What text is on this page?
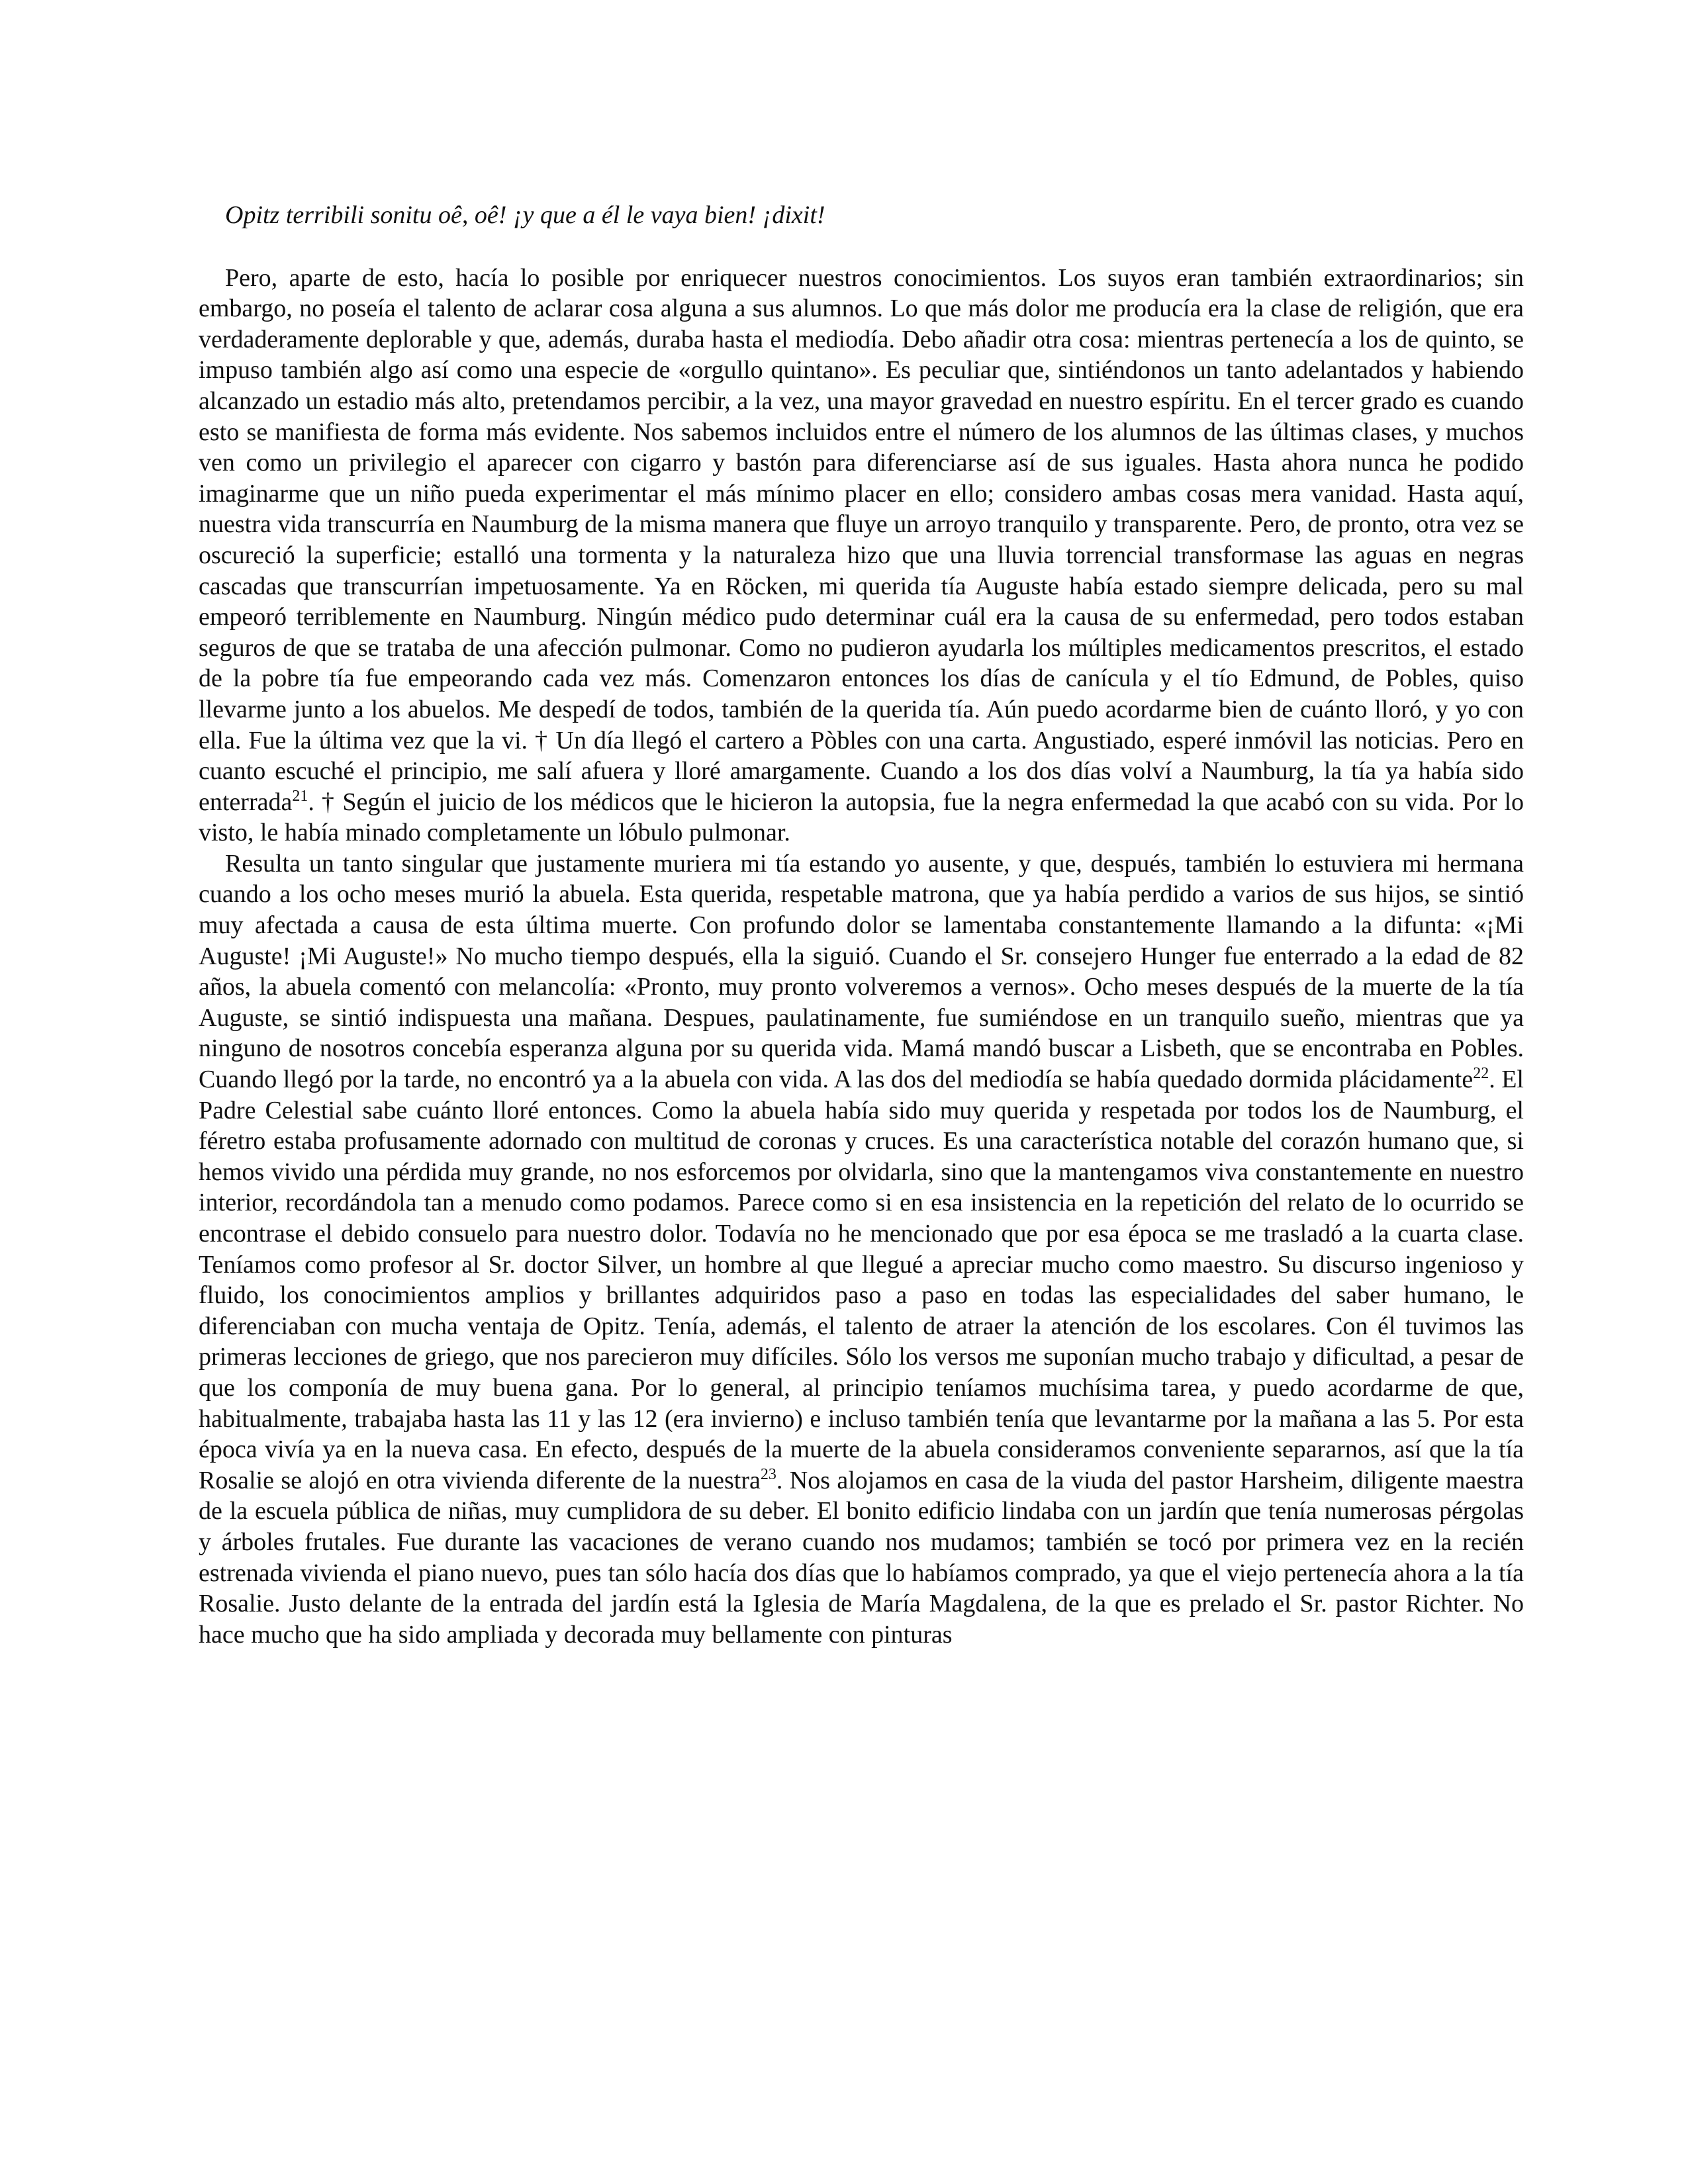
Opitz terribili sonitu oê, oê! ¡y que a él le vaya bien! ¡dixit!

Pero, aparte de esto, hacía lo posible por enriquecer nuestros conocimientos. Los suyos eran también extraordinarios; sin embargo, no poseía el talento de aclarar cosa alguna a sus alumnos. Lo que más dolor me producía era la clase de religión, que era verdaderamente deplorable y que, además, duraba hasta el mediodía. Debo añadir otra cosa: mientras pertenecía a los de quinto, se impuso también algo así como una especie de «orgullo quintano». Es peculiar que, sintiéndonos un tanto adelantados y habiendo alcanzado un estadio más alto, pretendamos percibir, a la vez, una mayor gravedad en nuestro espíritu. En el tercer grado es cuando esto se manifiesta de forma más evidente. Nos sabemos incluidos entre el número de los alumnos de las últimas clases, y muchos ven como un privilegio el aparecer con cigarro y bastón para diferenciarse así de sus iguales. Hasta ahora nunca he podido imaginarme que un niño pueda experimentar el más mínimo placer en ello; considero ambas cosas mera vanidad. Hasta aquí, nuestra vida transcurría en Naumburg de la misma manera que fluye un arroyo tranquilo y transparente. Pero, de pronto, otra vez se oscureció la superficie; estalló una tormenta y la naturaleza hizo que una lluvia torrencial transformase las aguas en negras cascadas que transcurrían impetuosamente. Ya en Röcken, mi querida tía Auguste había estado siempre delicada, pero su mal empeoró terriblemente en Naumburg. Ningún médico pudo determinar cuál era la causa de su enfermedad, pero todos estaban seguros de que se trataba de una afección pulmonar. Como no pudieron ayudarla los múltiples medicamentos prescritos, el estado de la pobre tía fue empeorando cada vez más. Comenzaron entonces los días de canícula y el tío Edmund, de Pobles, quiso llevarme junto a los abuelos. Me despedí de todos, también de la querida tía. Aún puedo acordarme bien de cuánto lloró, y yo con ella. Fue la última vez que la vi. † Un día llegó el cartero a Pòbles con una carta. Angustiado, esperé inmóvil las noticias. Pero en cuanto escuché el principio, me salí afuera y lloré amargamente. Cuando a los dos días volví a Naumburg, la tía ya había sido enterrada$^{21}$. † Según el juicio de los médicos que le hicieron la autopsia, fue la negra enfermedad la que acabó con su vida. Por lo visto, le había minado completamente un lóbulo pulmonar.

Resulta un tanto singular que justamente muriera mi tía estando yo ausente, y que, después, también lo estuviera mi hermana cuando a los ocho meses murió la abuela. Esta querida, respetable matrona, que ya había perdido a varios de sus hijos, se sintió muy afectada a causa de esta última muerte. Con profundo dolor se lamentaba constantemente llamando a la difunta: «¡Mi Auguste! ¡Mi Auguste!» No mucho tiempo después, ella la siguió. Cuando el Sr. consejero Hunger fue enterrado a la edad de 82 años, la abuela comentó con melancolía: «Pronto, muy pronto volveremos a vernos». Ocho meses después de la muerte de la tía Auguste, se sintió indispuesta una mañana. Despues, paulatinamente, fue sumiéndose en un tranquilo sueño, mientras que ya ninguno de nosotros concebía esperanza alguna por su querida vida. Mamá mandó buscar a Lisbeth, que se encontraba en Pobles. Cuando llegó por la tarde, no encontró ya a la abuela con vida. A las dos del mediodía se había quedado dormida plácidamente$^{22}$. El Padre Celestial sabe cuánto lloré entonces. Como la abuela había sido muy querida y respetada por todos los de Naumburg, el féretro estaba profusamente adornado con multitud de coronas y cruces. Es una característica notable del corazón humano que, si hemos vivido una pérdida muy grande, no nos esforcemos por olvidarla, sino que la mantengamos viva constantemente en nuestro interior, recordándola tan a menudo como podamos. Parece como si en esa insistencia en la repetición del relato de lo ocurrido se encontrase el debido consuelo para nuestro dolor. Todavía no he mencionado que por esa época se me trasladó a la cuarta clase. Teníamos como profesor al Sr. doctor Silver, un hombre al que llegué a apreciar mucho como maestro. Su discurso ingenioso y fluido, los conocimientos amplios y brillantes adquiridos paso a paso en todas las especialidades del saber humano, le diferenciaban con mucha ventaja de Opitz. Tenía, además, el talento de atraer la atención de los escolares. Con él tuvimos las primeras lecciones de griego, que nos parecieron muy difíciles. Sólo los versos me suponían mucho trabajo y dificultad, a pesar de que los componía de muy buena gana. Por lo general, al principio teníamos muchísima tarea, y puedo acordarme de que, habitualmente, trabajaba hasta las 11 y las 12 (era invierno) e incluso también tenía que levantarme por la mañana a las 5. Por esta época vivía ya en la nueva casa. En efecto, después de la muerte de la abuela consideramos conveniente separarnos, así que la tía Rosalie se alojó en otra vivienda diferente de la nuestra$^{23}$. Nos alojamos en casa de la viuda del pastor Harsheim, diligente maestra de la escuela pública de niñas, muy cumplidora de su deber. El bonito edificio lindaba con un jardín que tenía numerosas pérgolas y árboles frutales. Fue durante las vacaciones de verano cuando nos mudamos; también se tocó por primera vez en la recién estrenada vivienda el piano nuevo, pues tan sólo hacía dos días que lo habíamos comprado, ya que el viejo pertenecía ahora a la tía Rosalie. Justo delante de la entrada del jardín está la Iglesia de María Magdalena, de la que es prelado el Sr. pastor Richter. No hace mucho que ha sido ampliada y decorada muy bellamente con pinturas
